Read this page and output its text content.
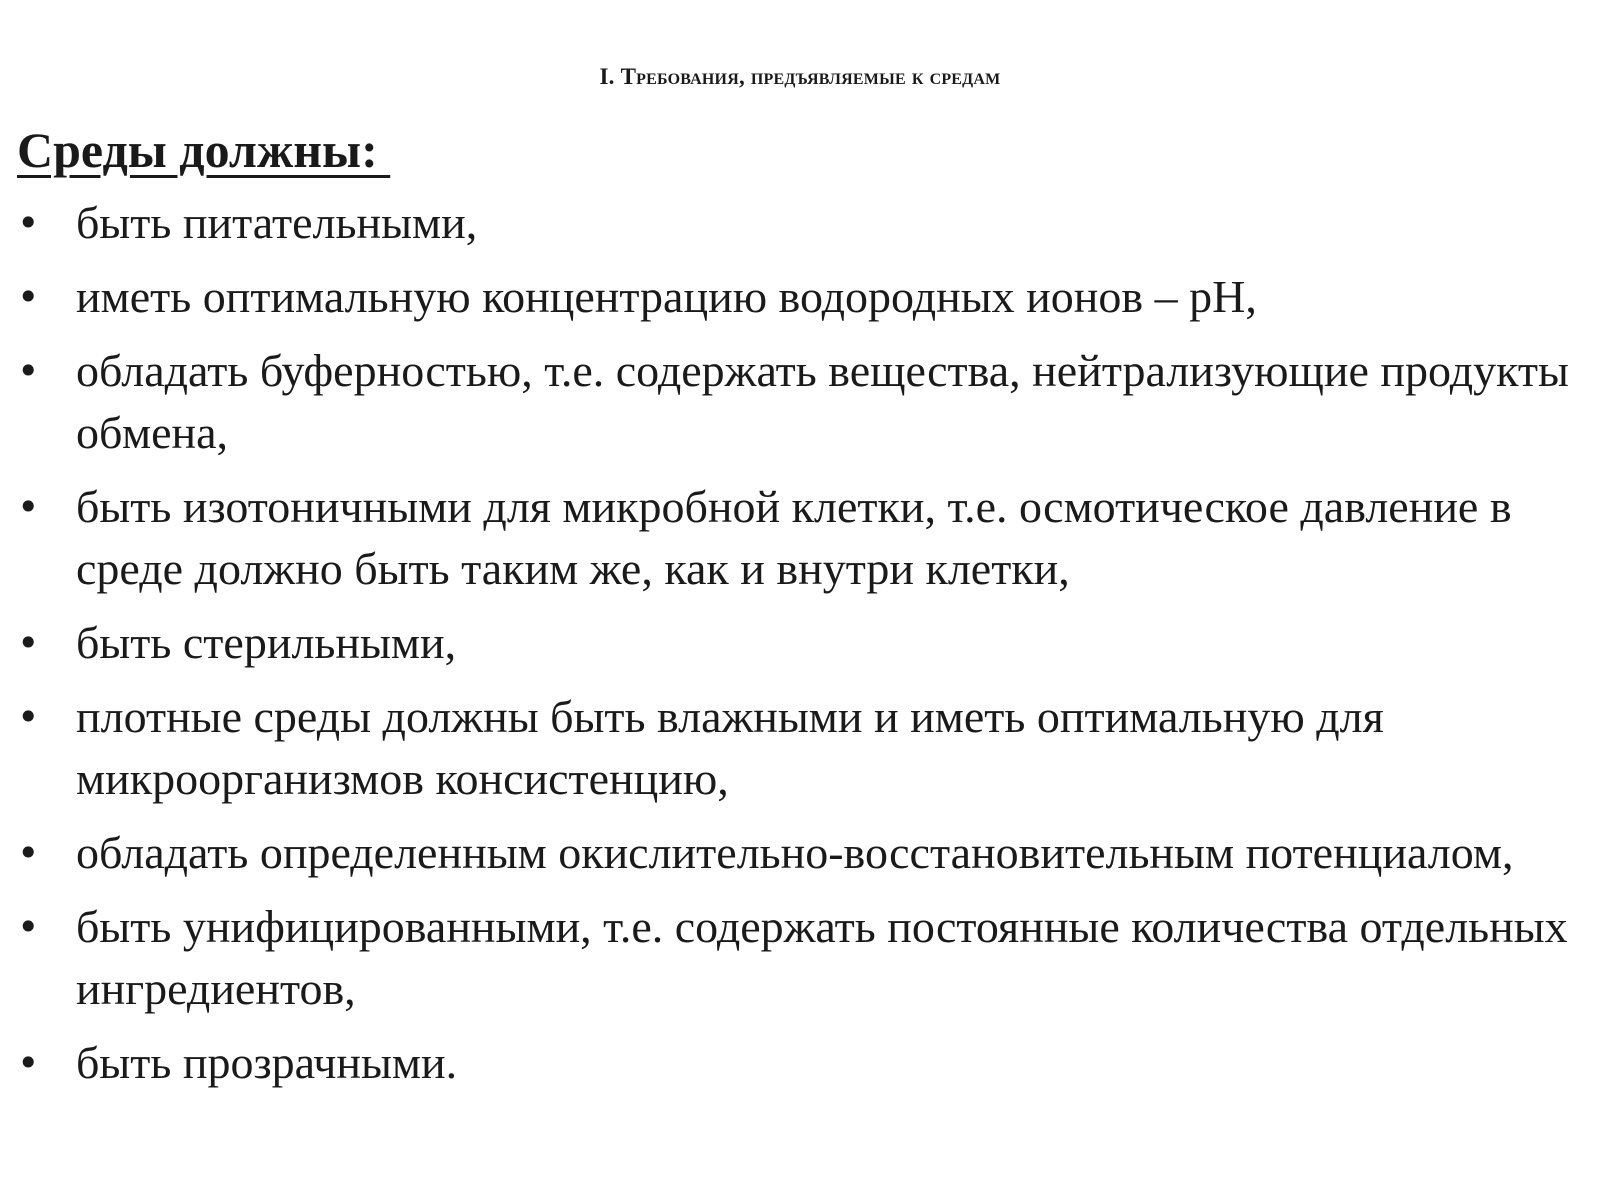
I. Требования, предъявляемые к средам
Среды должны:
• быть питательными,
• иметь оптимальную концентрацию водородных ионов – pH,
• обладать буферностью, т.е. содержать вещества, нейтрализующие продукты обмена,
• быть изотоничными для микробной клетки, т.е. осмотическое давление в среде должно быть таким же, как и внутри клетки,
• быть стерильными,
• плотные среды должны быть влажными и иметь оптимальную для микроорганизмов консистенцию,
• обладать определенным окислительно-восстановительным потенциалом,
• быть унифицированными, т.е. содержать постоянные количества отдельных ингредиентов,
• быть прозрачными.
